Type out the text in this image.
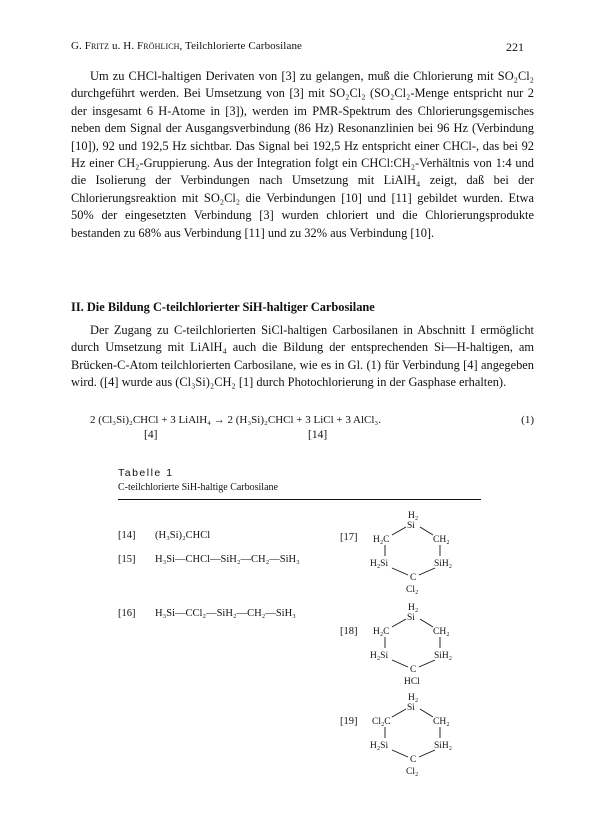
G. Fritz u. H. Fröhlich, Teilchlorierte Carbosilane	221

Um zu CHCl-haltigen Derivaten von [3] zu gelangen, muß die Chlorierung mit SO₂Cl₂ durchgeführt werden. Bei Umsetzung von [3] mit SO₂Cl₂ (SO₂Cl₂-Menge entspricht nur 2 der insgesamt 6 H-Atome in [3]), werden im PMR-Spektrum des Chlorierungsgemisches neben dem Signal der Ausgangsverbindung (86 Hz) Resonanzlinien bei 96 Hz (Verbindung [10]), 92 und 192,5 Hz sichtbar. Das Signal bei 192,5 Hz entspricht einer CHCl-, das bei 92 Hz einer CH₂-Gruppierung. Aus der Integration folgt ein CHCl:CH₂-Verhältnis von 1:4 und die Isolierung der Verbindungen nach Umsetzung mit LiAlH₄ zeigt, daß bei der Chlorierungsreaktion mit SO₂Cl₂ die Verbindungen [10] und [11] gebildet wurden. Etwa 50% der eingesetzten Verbindung [3] wurden chloriert und die Chlorierungsprodukte bestanden zu 68% aus Verbindung [11] und zu 32% aus Verbindung [10].

II. Die Bildung C-teilchlorierter SiH-haltiger Carbosilane

Der Zugang zu C-teilchlorierten SiCl-haltigen Carbosilanen in Abschnitt I ermöglicht durch Umsetzung mit LiAlH₄ auch die Bildung der entsprechenden Si—H-haltigen, am Brücken-C-Atom teilchlorierten Carbosilane, wie es in Gl. (1) für Verbindung [4] angegeben wird. ([4] wurde aus (Cl₃Si)₂CH₂ [1] durch Photochlorierung in der Gasphase erhalten).

2 (Cl₃Si)₂CHCl + 3 LiAlH₄ → 2 (H₃Si)₂CHCl + 3 LiCl + 3 AlCl₃.	(1)
[4]	[14]
Tabelle 1
C-teilchlorierte SiH-haltige Carbosilane
[14] (H₃Si)₂CHCl
[15] H₃Si—CHCl—SiH₂—CH₂—SiH₃
[16] H₃Si—CCl₂—SiH₂—CH₂—SiH₃
H₂
Si
H₂C	CH₂
H₂Si	SiH₂
C
Cl₂
[17]
H₂
Si
H₂C	CH₂
H₂Si	SiH₂
C
HCl
[18]
H₂
Si
Cl₂C	CH₂
H₂Si	SiH₂
C
Cl₂
[19]
